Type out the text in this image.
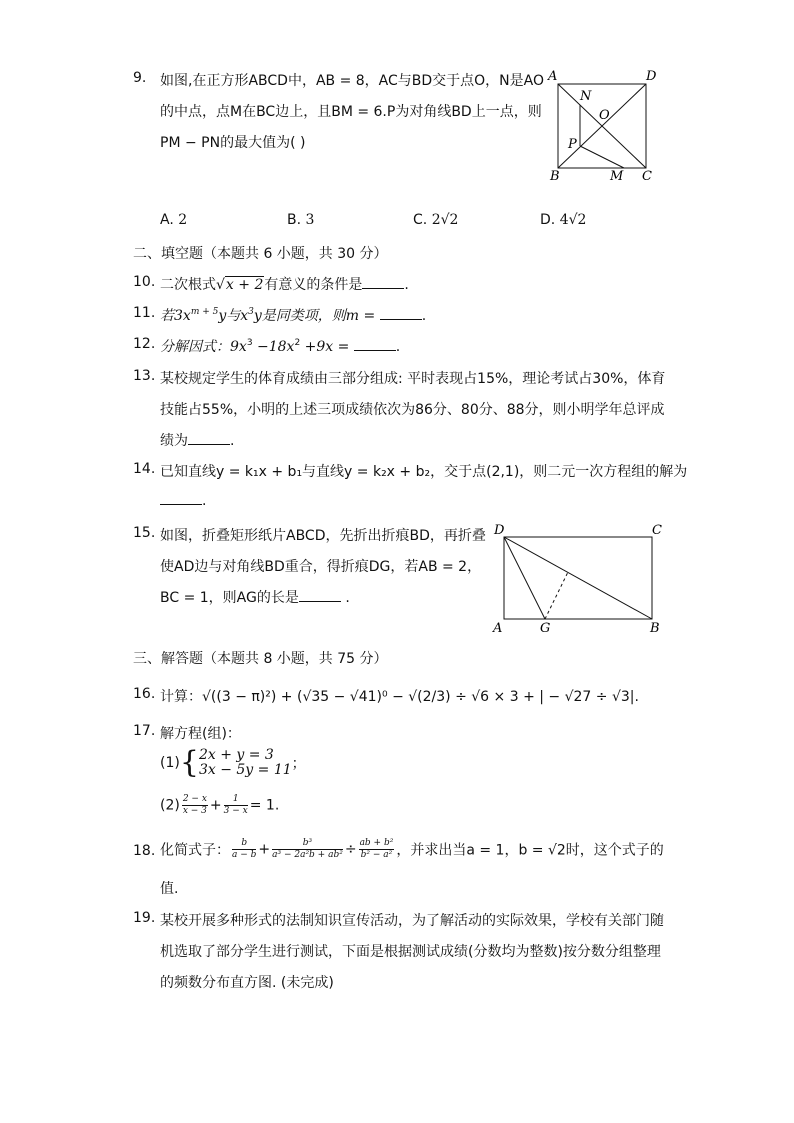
9. 如图,在正方形ABCD中，AB = 8，AC与BD交于点O，N是AO
的中点，点M在BC边上，且BM = 6.P为对角线BD上一点，则
PM − PN的最大值为( )
A	D
N
O
P
B	M C
A. 2	B. 3	C. 2√2	D. 4√2
二、填空题（本题共 6 小题，共 30 分）
10. 二次根式√x + 2有意义的条件是	.
11. 若$3x^{m + 5}y$与$x^3y$是同类项，则m =	.
12. 分解因式：$9x^3 -18x^2 +9x$ =	.
13. 某校规定学生的体育成绩由三部分组成: 平时表现占15%，理论考试占30%，体育
技能占55%，小明的上述三项成绩依次为86分、80分、88分，则小明学年总评成
绩为	.
14. 已知直线y = k₁x + b₁与直线y = k₂x + b₂，交于点(2,1)，则二元一次方程组的解为
.
15. 如图，折叠矩形纸片ABCD，先折出折痕BD，再折叠
使AD边与对角线BD重合，得折痕DG，若AB = 2，
BC = 1，则AG的长是	.
D	C
A	G	B
三、解答题（本题共 8 小题，共 75 分）
16. 计算：√((3 − π)²) + (√35 − √41)⁰ − √(2/3) ÷ √6 × 3 + | − √27 ÷ √3|.
17. 解方程(组)：
(1){ 2x + y = 3
3x − 5y = 11 ；
$(2) \frac{2 - x}{x - 3} + \frac{1}{3 - x} = 1$.
18. 化简式子： $\frac{b}{a - b} + \frac{\text{b³}}{\text{a³ − 2a²b + ab²}} \div \frac{\text{ab + b²}}{\text{b² − a²}}$ ，并求出当a = 1，b = √2时，这个式子的
值.
19. 某校开展多种形式的法制知识宣传活动，为了解活动的实际效果，学校有关部门随
机选取了部分学生进行测试，下面是根据测试成绩(分数均为整数)按分数分组整理
的频数分布直方图. (未完成)
